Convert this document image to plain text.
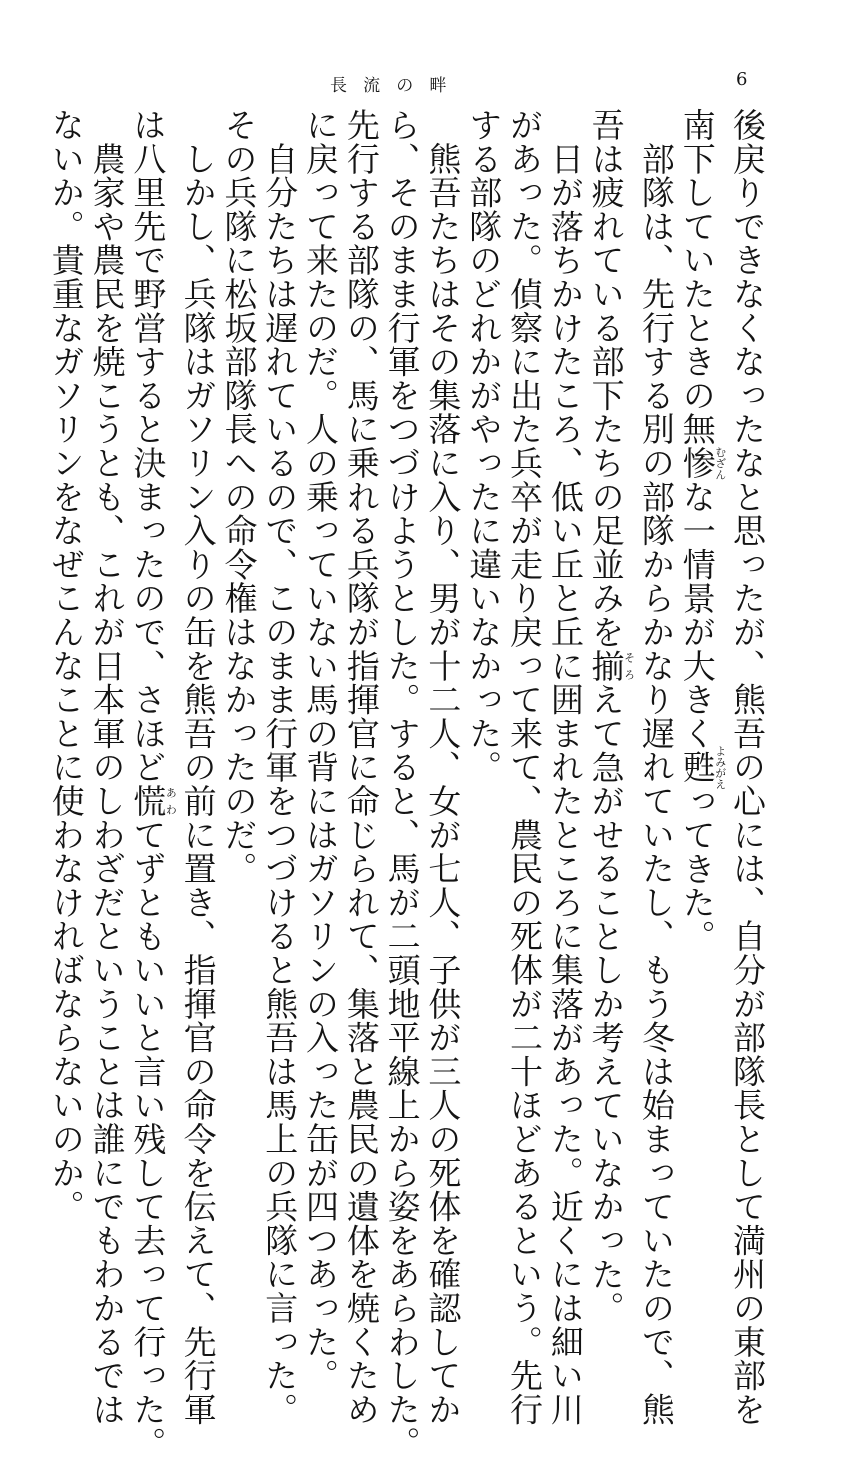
長流の畔	6

後戻りできなくなったなと思ったが、熊吾の心には、自分が部隊長として満州の東部を

南下していたときの無惨むざんな一情景が大きく甦よみがえってきた。

　部隊は、先行する別の部隊からかなり遅れていたし、もう冬は始まっていたので、熊

吾は疲れている部下たちの足並みを揃そろえて急がせることしか考えていなかった。

　日が落ちかけたころ、低い丘と丘に囲まれたところに集落があった。近くには細い川

があった。偵察に出た兵卒が走り戻って来て、農民の死体が二十ほどあるという。先行

する部隊のどれかがやったに違いなかった。

　熊吾たちはその集落に入り、男が十二人、女が七人、子供が三人の死体を確認してか

ら、そのまま行軍をつづけようとした。すると、馬が二頭地平線上から姿をあらわした。

先行する部隊の、馬に乗れる兵隊が指揮官に命じられて、集落と農民の遺体を焼くため

に戻って来たのだ。人の乗っていない馬の背にはガソリンの入った缶が四つあった。

　自分たちは遅れているので、このまま行軍をつづけると熊吾は馬上の兵隊に言った。

その兵隊に松坂部隊長への命令権はなかったのだ。

　しかし、兵隊はガソリン入りの缶を熊吾の前に置き、指揮官の命令を伝えて、先行軍

は八里先で野営すると決まったので、さほど慌あわてずともいいと言い残して去って行った。

　農家や農民を焼こうとも、これが日本軍のしわざだということは誰にでもわかるでは

ないか。貴重なガソリンをなぜこんなことに使わなければならないのか。
